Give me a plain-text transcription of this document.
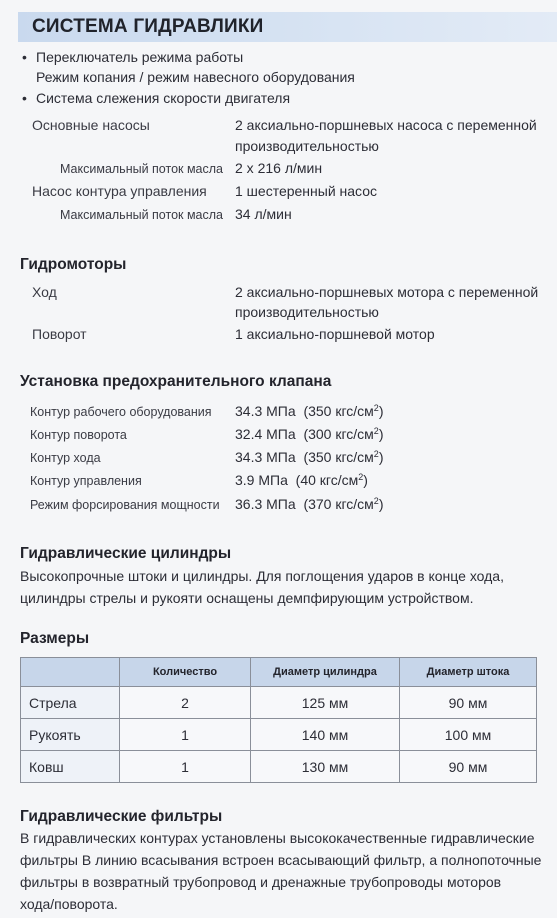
СИСТЕМА ГИДРАВЛИКИ
• Переключатель режима работы
Режим копания / режим навесного оборудования
• Система слежения скорости двигателя
Основные насосы	2 аксиально-поршневых насоса с переменной
производительностью
Максимальный поток масла 2 x 216 л/мин
Насос контура управления 1 шестеренный насос
Максимальный поток масла 34 л/мин
Гидромоторы
Ход	2 аксиально-поршневых мотора с переменной
производительностью
Поворот	1 аксиально-поршневой мотор
Установка предохранительного клапана
Контур рабочего оборудования 34.3 МПа (350 кгс/$см^2$)
Контур поворота	32.4 МПа (300 кгс/$см^2$)
Контур хода	34.3 МПа (350 кгс/$см^2$)
Контур управления	3.9 МПа (40 кгс/$см^2$)
Режим форсирования мощности 36.3 МПа (370 кгс/$см^2$)
Гидравлические цилиндры
Высокопрочные штоки и цилиндры. Для поглощения ударов в конце хода,
цилиндры стрелы и рукояти оснащены демпфирующим устройством.
Размеры
	Количество	Диаметр цилиндра	Диаметр штока
Стрела	2	125 мм	90 мм
Рукоять	1	140 мм	100 мм
Ковш	1	130 мм	90 мм
Гидравлические фильтры
В гидравлических контурах установлены высококачественные гидравлические
фильтры В линию всасывания встроен всасывающий фильтр, а полнопоточные
фильтры в возвратный трубопровод и дренажные трубопроводы моторов
хода/поворота.
